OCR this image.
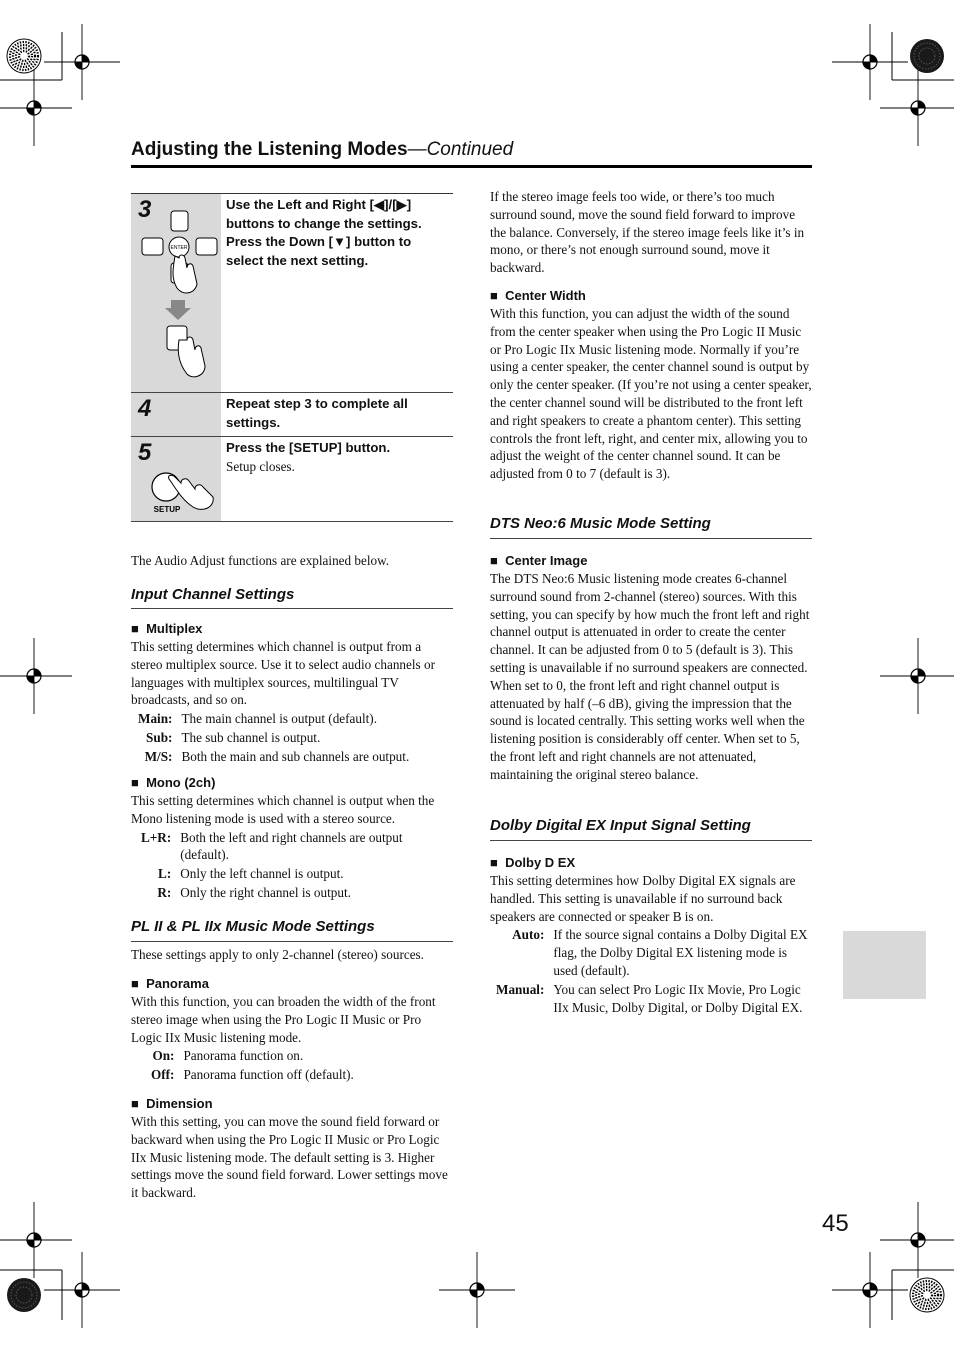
Adjusting the Listening Modes—Continued
3
ENTER
Use the Left and Right [◀]/[▶] buttons to change the settings. Press the Down [▼] button to select the next setting.
4	Repeat step 3 to complete all settings.
5
SETUP
Press the [SETUP] button.
Setup closes.
The Audio Adjust functions are explained below.
Input Channel Settings
■  Multiplex
This setting determines which channel is output from a stereo multiplex source. Use it to select audio channels or languages with multiplex sources, multilingual TV broadcasts, and so on.
Main: The main channel is output (default).
Sub: The sub channel is output.
M/S: Both the main and sub channels are output.
■  Mono (2ch)
This setting determines which channel is output when the Mono listening mode is used with a stereo source.
L+R: Both the left and right channels are output (default).
L: Only the left channel is output.
R: Only the right channel is output.
PL II & PL IIx Music Mode Settings
These settings apply to only 2-channel (stereo) sources.
■  Panorama
With this function, you can broaden the width of the front stereo image when using the Pro Logic II Music or Pro Logic IIx Music listening mode.
On: Panorama function on.
Off: Panorama function off (default).
■  Dimension
With this setting, you can move the sound field forward or backward when using the Pro Logic II Music or Pro Logic IIx Music listening mode. The default setting is 3. Higher settings move the sound field forward. Lower settings move it backward.
If the stereo image feels too wide, or there’s too much surround sound, move the sound field forward to improve the balance. Conversely, if the stereo image feels like it’s in mono, or there’s not enough surround sound, move it backward.
■  Center Width
With this function, you can adjust the width of the sound from the center speaker when using the Pro Logic II Music or Pro Logic IIx Music listening mode. Normally if you’re using a center speaker, the center channel sound is output by only the center speaker. (If you’re not using a center speaker, the center channel sound will be distributed to the front left and right speakers to create a phantom center). This setting controls the front left, right, and center mix, allowing you to adjust the weight of the center channel sound. It can be adjusted from 0 to 7 (default is 3).
DTS Neo:6 Music Mode Setting
■  Center Image
The DTS Neo:6 Music listening mode creates 6-channel surround sound from 2-channel (stereo) sources. With this setting, you can specify by how much the front left and right channel output is attenuated in order to create the center channel. It can be adjusted from 0 to 5 (default is 3). This setting is unavailable if no surround speakers are connected.
When set to 0, the front left and right channel output is attenuated by half (–6 dB), giving the impression that the sound is located centrally. This setting works well when the listening position is considerably off center. When set to 5, the front left and right channels are not attenuated, maintaining the original stereo balance.
Dolby Digital EX Input Signal Setting
■  Dolby D EX
This setting determines how Dolby Digital EX signals are handled. This setting is unavailable if no surround back speakers are connected or speaker B is on.
Auto: If the source signal contains a Dolby Digital EX flag, the Dolby Digital EX listening mode is used (default).
Manual: You can select Pro Logic IIx Movie, Pro Logic IIx Music, Dolby Digital, or Dolby Digital EX.
45
